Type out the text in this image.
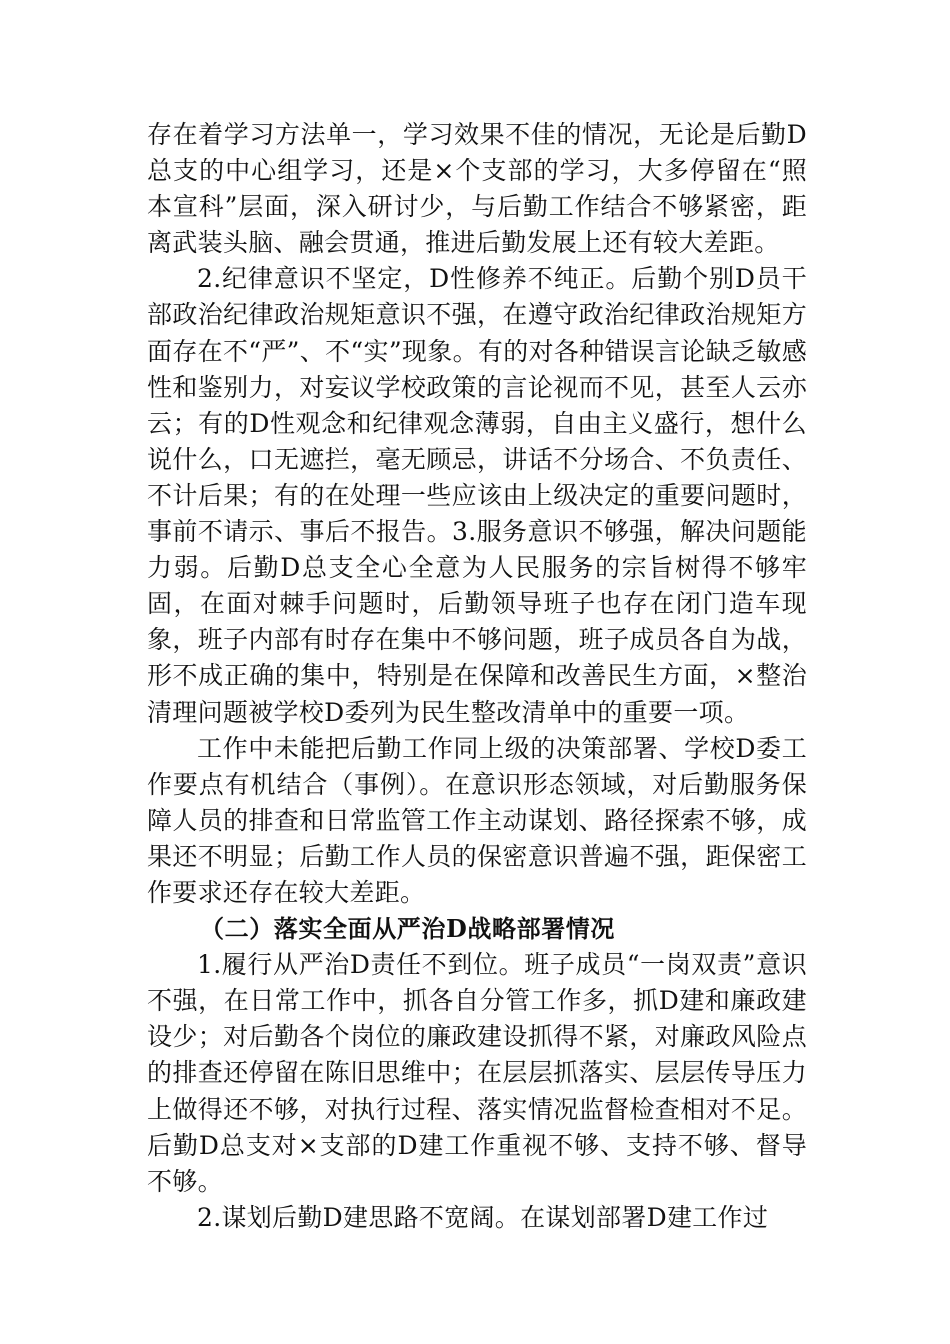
存在着学习方法单一，学习效果不佳的情况，无论是后勤D总支的中心组学习，还是×个支部的学习，大多停留在“照本宣科”层面，深入研讨少，与后勤工作结合不够紧密，距离武装头脑、融会贯通，推进后勤发展上还有较大差距。

2.纪律意识不坚定，D性修养不纯正。后勤个别D员干部政治纪律政治规矩意识不强，在遵守政治纪律政治规矩方面存在不“严”、不“实”现象。有的对各种错误言论缺乏敏感性和鉴别力，对妄议学校政策的言论视而不见，甚至人云亦云；有的D性观念和纪律观念薄弱，自由主义盛行，想什么说什么，口无遮拦，毫无顾忌，讲话不分场合、不负责任、不计后果；有的在处理一些应该由上级决定的重要问题时，事前不请示、事后不报告。3.服务意识不够强，解决问题能力弱。后勤D总支全心全意为人民服务的宗旨树得不够牢固，在面对棘手问题时，后勤领导班子也存在闭门造车现象，班子内部有时存在集中不够问题，班子成员各自为战，形不成正确的集中，特别是在保障和改善民生方面，×整治清理问题被学校D委列为民生整改清单中的重要一项。

工作中未能把后勤工作同上级的决策部署、学校D委工作要点有机结合（事例）。在意识形态领域，对后勤服务保障人员的排查和日常监管工作主动谋划、路径探索不够，成果还不明显；后勤工作人员的保密意识普遍不强，距保密工作要求还存在较大差距。

（二）落实全面从严治D战略部署情况

1.履行从严治D责任不到位。班子成员“一岗双责”意识不强，在日常工作中，抓各自分管工作多，抓D建和廉政建设少；对后勤各个岗位的廉政建设抓得不紧，对廉政风险点的排查还停留在陈旧思维中；在层层抓落实、层层传导压力上做得还不够，对执行过程、落实情况监督检查相对不足。后勤D总支对×支部的D建工作重视不够、支持不够、督导不够。

2.谋划后勤D建思路不宽阔。在谋划部署D建工作过
